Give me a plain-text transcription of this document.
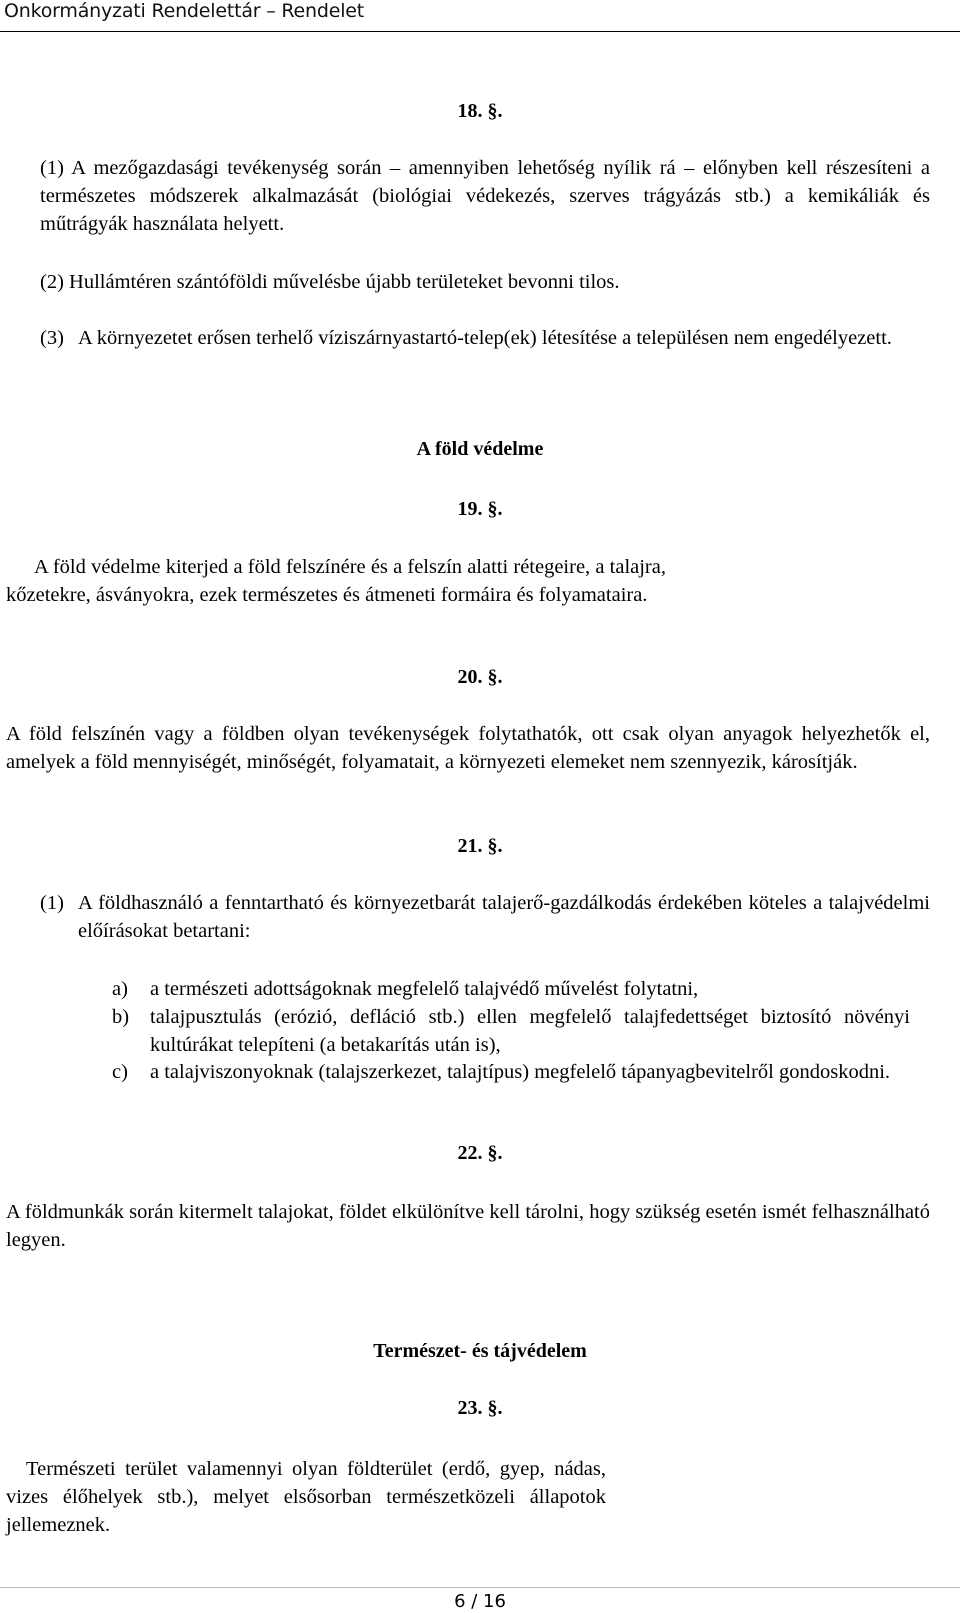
Onkormányzati Rendelettár – Rendelet
18. §.
(1) A mezőgazdasági tevékenység során – amennyiben lehetőség nyílik rá – előnyben kell részesíteni a természetes módszerek alkalmazását (biológiai védekezés, szerves trágyázás stb.) a kemikáliák és műtrágyák használata helyett.
(2) Hullámtéren szántóföldi művelésbe újabb területeket bevonni tilos.
(3) A környezetet erősen terhelő víziszárnyastartó-telep(ek) létesítése a településen nem engedélyezett.
A föld védelme
19. §.
A föld védelme kiterjed a föld felszínére és a felszín alatti rétegeire, a talajra, kőzetekre, ásványokra, ezek természetes és átmeneti formáira és folyamataira.
20. §.
A föld felszínén vagy a földben olyan tevékenységek folytathatók, ott csak olyan anyagok helyezhetők el, amelyek a föld mennyiségét, minőségét, folyamatait, a környezeti elemeket nem szennyezik, károsítják.
21. §.
(1) A földhasználó a fenntartható és környezetbarát talajerő-gazdálkodás érdekében köteles a talajvédelmi előírásokat betartani:
a) a természeti adottságoknak megfelelő talajvédő művelést folytatni,
b) talajpusztulás (erózió, defláció stb.) ellen megfelelő talajfedettséget biztosító növényi kultúrákat telepíteni (a betakarítás után is),
c) a talajviszonyoknak (talajszerkezet, talajtípus) megfelelő tápanyagbevitelről gondoskodni.
22. §.
A földmunkák során kitermelt talajokat, földet elkülönítve kell tárolni, hogy szükség esetén ismét felhasználható legyen.
Természet- és tájvédelem
23. §.
Természeti terület valamennyi olyan földterület (erdő, gyep, nádas, vizes élőhelyek stb.), melyet elsősorban természetközeli állapotok jellemeznek.
6 / 16
